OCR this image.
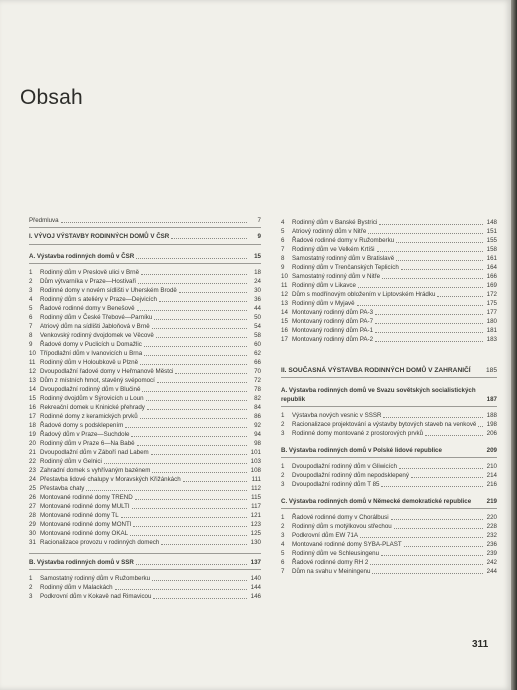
Obsah
Předmluva	7
I. VÝVOJ VÝSTAVBY RODINNÝCH DOMŮ V ČSR	9
A. Výstavba rodinných domů v ČSR	15
1	Rodinný dům v Preslově ulici v Brně	18
2	Dům výtvarníka v Praze—Hostivaři	24
3	Rodinné domy v novém sídlišti v Uherském Brodě	30
4	Rodinný dům s ateliéry v Praze—Dejvicích	36
5	Řadové rodinné domy v Benešově	44
6	Rodinný dům v České Třebové—Parníku	50
7	Atriový dům na sídlišti Jabloňová v Brně	54
8	Venkovský rodinný dvojdomek ve Věcově	58
9	Řadové domy v Puclicích u Domažlic	60
10 Třípodlažní dům v Ivanovicích u Brna	62
11 Rodinný dům v Holoubkově u Plzně	66
12 Dvoupodlažní řadové domy v Heřmanově Městci	70
13 Dům z místních hmot, stavěný svépomocí	72
14 Dvoupodlažní rodinný dům v Blučině	78
15 Rodinný dvojdům v Sýrovicích u Loun	82
16 Rekreační domek u Kninické přehrady	84
17 Rodinné domy z keramických prvků	86
18 Řadové domy s podsklepením	92
19 Řadový dům v Praze—Suchdole	94
20 Rodinný dům v Praze 6—Na Babě	98
21 Dvoupodlažní dům v Záboří nad Labem	101
22 Rodinný dům v Gelnici	103
23 Zahradní domek s vyhřívaným bazénem	108
24 Přestavba lidové chalupy v Moravských Křižánkách	111
25 Přestavba chaty	112
26 Montované rodinné domy TREND	115
27 Montované rodinné domy MULTI	117
28 Montované rodinné domy TL	121
29 Montované rodinné domy MONTI	123
30 Montované rodinné domy OKAL	125
31 Racionalizace provozu v rodinných domech	130
B. Výstavba rodinných domů v SSR	137
1	Samostatný rodinný dům v Ružomberku	140
2	Rodinný dům v Malackách	144
3	Podkrovní dům v Kokavě nad Rimavicou	146
4	Rodinný dům v Banské Bystrici	148
5	Atriový rodinný dům v Nitře	151
6	Řadové rodinné domy v Ružomberku	155
7	Rodinný dům ve Velkém Krtíši	158
8	Samostatný rodinný dům v Bratislavě	161
9	Rodinný dům v Trenčanských Teplicích	164
10 Samostatný rodinný dům v Nitře	166
11 Rodinný dům v Likavce	169
12 Dům s modřínovým obložením v Liptovském Hrádku	172
13 Rodinný dům v Myjavě	175
14 Montovaný rodinný dům PA-3	177
15 Montovaný rodinný dům PA-7	180
16 Montovaný rodinný dům PA-1	181
17 Montovaný rodinný dům PA-2	183
II. SOUČASNÁ VÝSTAVBA RODINNÝCH DOMŮ V ZAHRANIČÍ	185
A. Výstavba rodinných domů ve Svazu sovětských socialistických republik	187
1	Výstavba nových vesnic v SSSR	188
2	Racionalizace projektování a výstavby bytových staveb na venkově 198
3	Rodinné domy montované z prostorových prvků	206
B. Výstavba rodinných domů v Polské lidové republice	209
1	Dvoupodlažní rodinný dům v Gliwicích	210
2	Dvoupodlažní rodinný dům nepodsklepený	214
3	Dvoupodlažní rodinný dům T 85	216
C. Výstavba rodinných domů v Německé demokratické republice	219
1	Řadové rodinné domy v Chorálbusi	220
2	Rodinný dům s motýlkovou střechou	228
3	Podkrovní dům EW 71A	232
4	Montované rodinné domy SYBA-PLAST	236
5	Rodinný dům ve Schleusingenu	239
6	Řadové rodinné domy RH 2	242
7	Dům na svahu v Meiningenu	244
311
